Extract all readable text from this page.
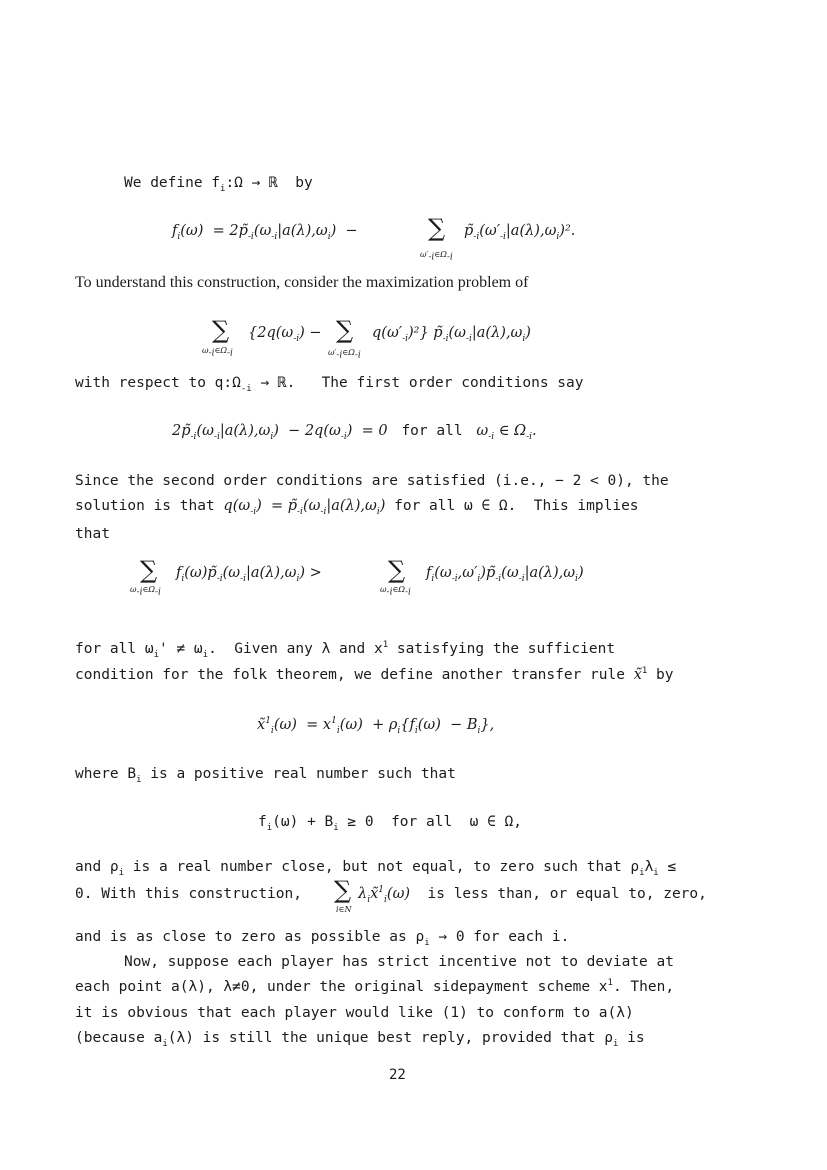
We define $f_i:\Omega$ → ℝ  by
$f_i(\omega)$  = $2p̃_{-i}(\omega_{-i}|a(\lambda),\omega_i)$  −	∑
$\omega'_{-i}\in\Omega_{-i}$
$p̃_{-i}(\omega'_{-i}|a(\lambda),\omega_i)^2$.
To understand this construction, consider the maximization problem of
∑
$\omega_{-i}\in\Omega_{-i}$
{$2q(\omega_{-i})$ − ∑
$\omega'_{-i}\in\Omega_{-i}$
$q(\omega'_{-i})^2$} $p̃_{-i}(\omega_{-i}|a(\lambda),\omega_i)$
with respect to $q:\Omega_{-i}$ → ℝ.   The first order conditions say
$2p̃_{-i}(\omega_{-i}|a(\lambda),\omega_i) - 2q(\omega_{-i}) = 0$   for all   $\omega_{-i}$ ∈ $\Omega_{-i}$.
Since the second order conditions are satisfied (i.e., − 2 < 0), the
solution is that $q(\omega_{-i})$  = $p̃_{-i}(\omega_{-i}|a(\lambda),\omega_i)$ for all ω ∈ Ω.  This implies
that
∑
$\omega_{-i}\in\Omega_{-i}$
$f_i(\omega)p̃_{-i}(\omega_{-i}|a(\lambda),\omega_i)$ >	∑
$\omega_{-i}\in\Omega_{-i}$
$f_i(\omega_{-i},\omega'_i)p̃_{-i}(\omega_{-i}|a(\lambda),\omega_i)$
for all $\omega_i' \ne \omega_i$.  Given any λ and $x^1$ satisfying the sufficient
condition for the folk theorem, we define another transfer rule x̃$^1$ by
x̃$^1_i$(ω)  = $x^1_i(\omega) + \rho_i\{f_i(\omega) - B_i\}$,
where $B_i$ is a positive real number such that
$f_i(\omega) + B_i \ge 0$  for all  ω ∈ Ω,
and $\rho_i$ is a real number close, but not equal, to zero such that $\rho_i\lambda_i$ ≤
0. With this construction, ∑
i∈N
$\lambda_ix̃^1_i(\omega)$  is less than, or equal to, zero,
and is as close to zero as possible as $\rho_i \to 0$ for each i.
Now, suppose each player has strict incentive not to deviate at
each point a(λ), λ≠0, under the original sidepayment scheme $x^1$. Then,
it is obvious that each player would like (1) to conform to a(λ)
(because $a_i(\lambda)$ is still the unique best reply, provided that $\rho_i$ is
22
